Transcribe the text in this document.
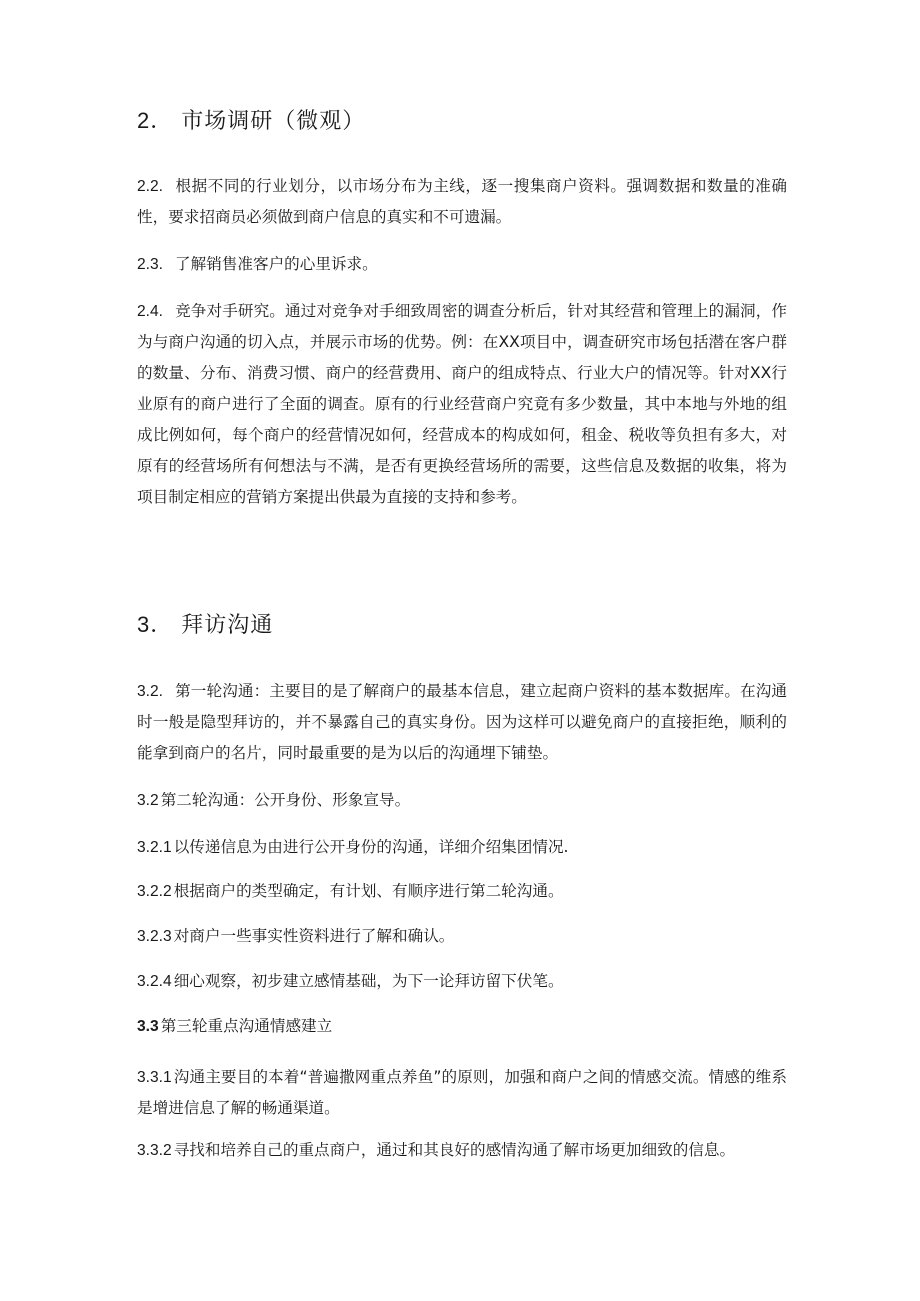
2． 市场调研（微观）

2.2. 根据不同的行业划分，以市场分布为主线，逐一搜集商户资料。强调数据和数量的准确性，要求招商员必须做到商户信息的真实和不可遗漏。

2.3. 了解销售准客户的心里诉求。

2.4. 竞争对手研究。通过对竞争对手细致周密的调查分析后，针对其经营和管理上的漏洞，作为与商户沟通的切入点，并展示市场的优势。例：在XX项目中，调查研究市场包括潜在客户群的数量、分布、消费习惯、商户的经营费用、商户的组成特点、行业大户的情况等。针对XX行业原有的商户进行了全面的调查。原有的行业经营商户究竟有多少数量，其中本地与外地的组成比例如何，每个商户的经营情况如何，经营成本的构成如何，租金、税收等负担有多大，对原有的经营场所有何想法与不满，是否有更换经营场所的需要，这些信息及数据的收集，将为项目制定相应的营销方案提出供最为直接的支持和参考。

3． 拜访沟通

3.2. 第一轮沟通：主要目的是了解商户的最基本信息，建立起商户资料的基本数据库。在沟通时一般是隐型拜访的，并不暴露自己的真实身份。因为这样可以避免商户的直接拒绝，顺利的能拿到商户的名片，同时最重要的是为以后的沟通埋下铺垫。

3.2 第二轮沟通：公开身份、形象宣导。

3.2.1 以传递信息为由进行公开身份的沟通，详细介绍集团情况.

3.2.2 根据商户的类型确定，有计划、有顺序进行第二轮沟通。

3.2.3 对商户一些事实性资料进行了解和确认。

3.2.4 细心观察，初步建立感情基础，为下一论拜访留下伏笔。

3.3 第三轮重点沟通情感建立

3.3.1 沟通主要目的本着“普遍撒网重点养鱼”的原则，加强和商户之间的情感交流。情感的维系是增进信息了解的畅通渠道。

3.3.2 寻找和培养自己的重点商户，通过和其良好的感情沟通了解市场更加细致的信息。
